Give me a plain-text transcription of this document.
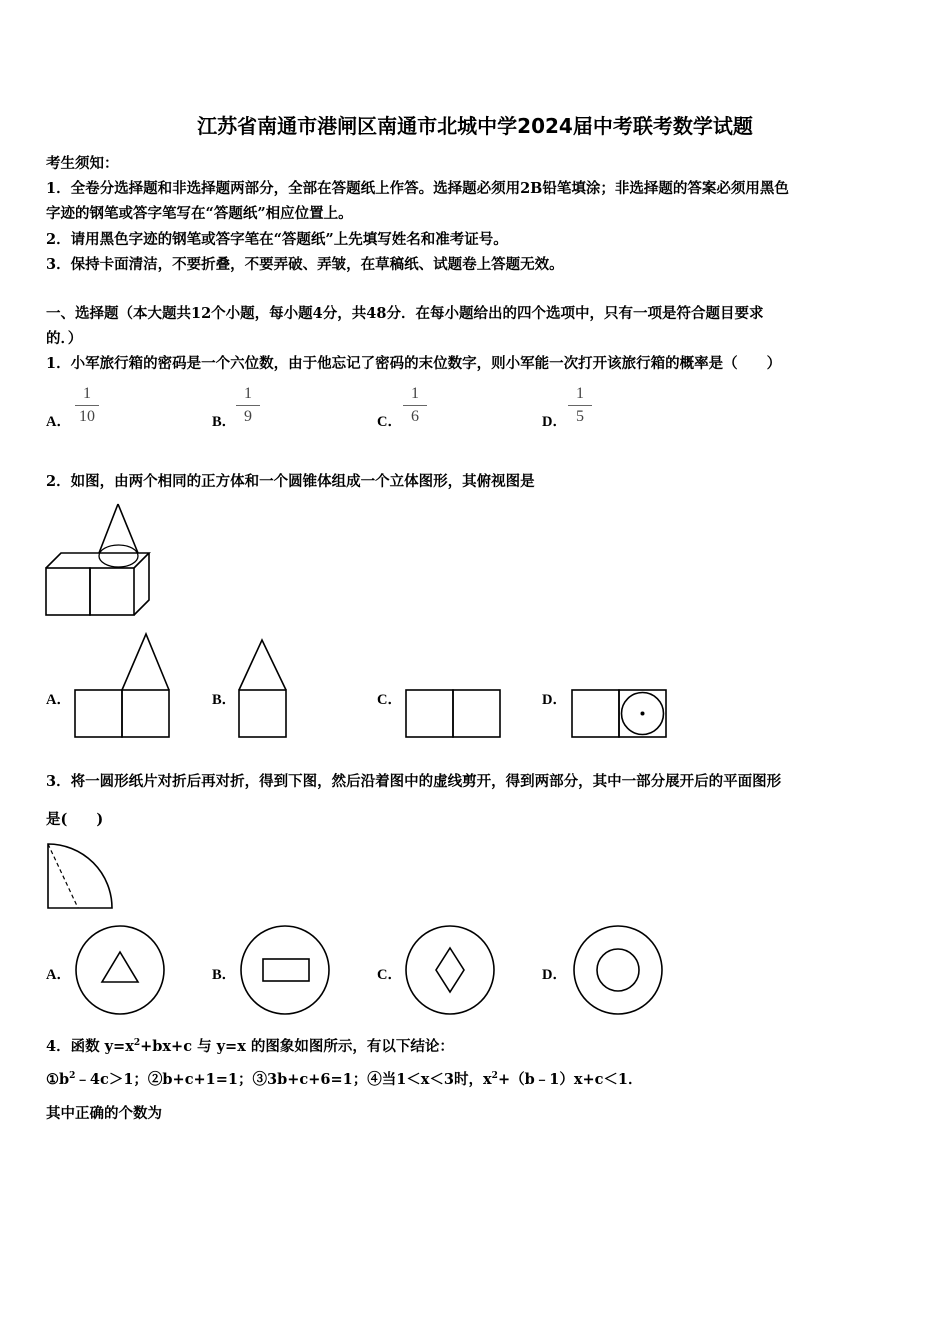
江苏省南通市港闸区南通市北城中学2024届中考联考数学试题
考生须知：
1．全卷分选择题和非选择题两部分，全部在答题纸上作答。选择题必须用2B铅笔填涂；非选择题的答案必须用黑色
字迹的钢笔或答字笔写在“答题纸”相应位置上。
2．请用黑色字迹的钢笔或答字笔在“答题纸”上先填写姓名和准考证号。
3．保持卡面清洁，不要折叠，不要弄破、弄皱，在草稿纸、试题卷上答题无效。
一、选择题（本大题共12个小题，每小题4分，共48分．在每小题给出的四个选项中，只有一项是符合题目要求
的．）
1．小军旅行箱的密码是一个六位数，由于他忘记了密码的末位数字，则小军能一次打开该旅行箱的概率是（　　）
A．
1
10	B．
1
9	C．
1
6	D．
1
5
2．如图，由两个相同的正方体和一个圆锥体组成一个立体图形，其俯视图是
A．	B．	C．	D．
3．将一圆形纸片对折后再对折，得到下图，然后沿着图中的虚线剪开，得到两部分，其中一部分展开后的平面图形
是(　　)
A．	B．	C．	D．
4．函数 $y=x^2+bx+c$ 与 y=x 的图象如图所示，有以下结论：
$①b^2﹣4c>1$；②b+c+1=1；③3b+c+6=1；④当1＜x＜3时，$x^2+(b﹣1)x+c<1$．
其中正确的个数为
